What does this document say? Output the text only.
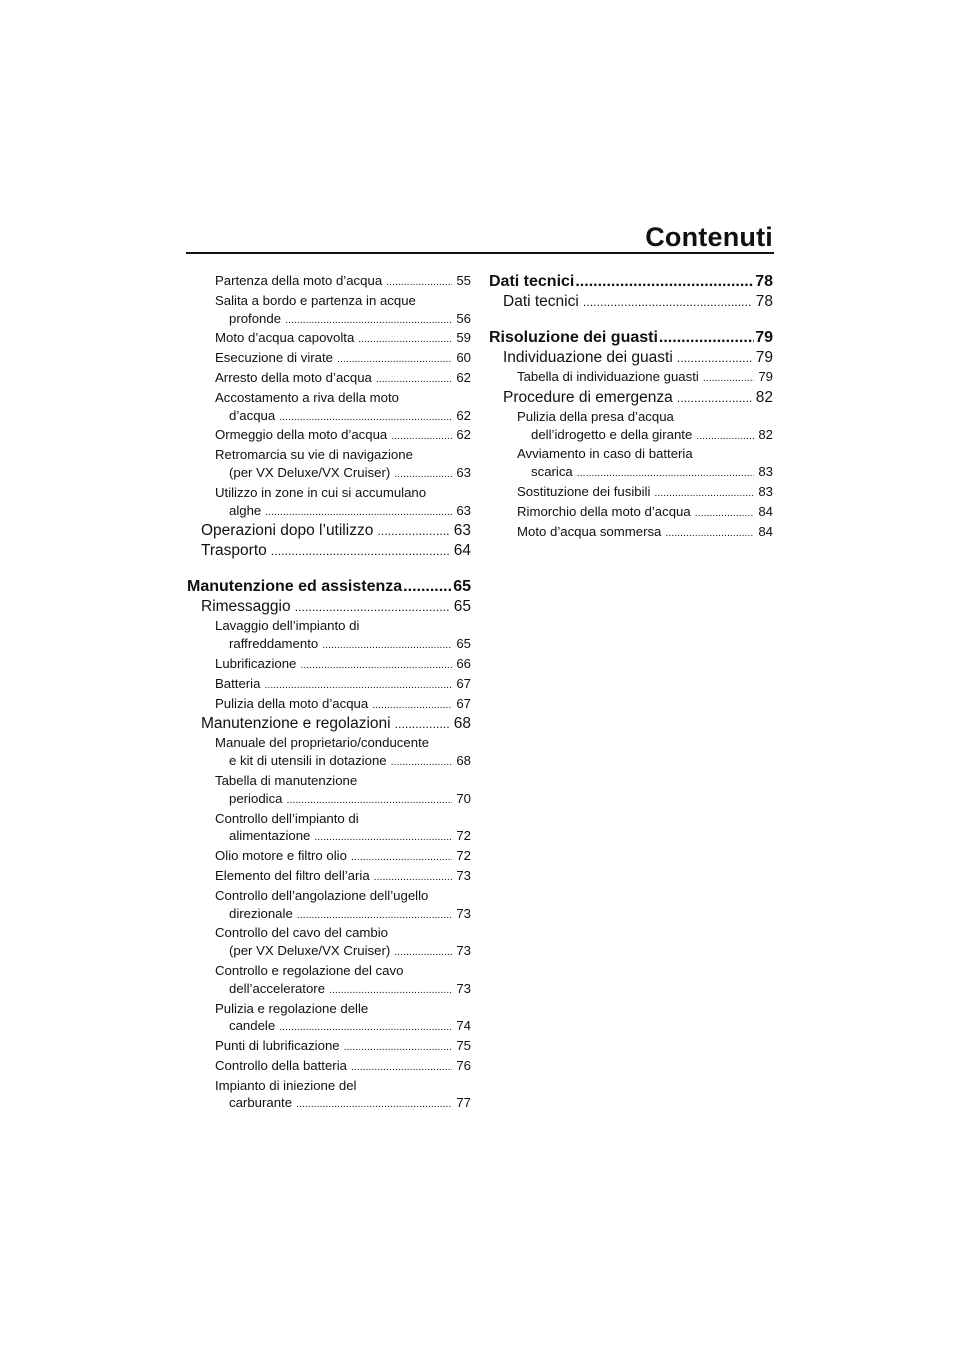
Contenuti
Partenza della moto d’acqua .....	55
Salita a bordo e partenza in acque
profonde .....	56
Moto d’acqua capovolta .....	59
Esecuzione di virate .....	60
Arresto della moto d’acqua .....	62
Accostamento a riva della moto
d’acqua .....	62
Ormeggio della moto d’acqua .....	62
Retromarcia su vie di navigazione
(per VX Deluxe/VX Cruiser) .....	63
Utilizzo in zone in cui si accumulano
alghe .....	63
Operazioni dopo l’utilizzo .....	63
Trasporto .....	64
Manutenzione ed assistenza .....	65
Rimessaggio .....	65
Lavaggio dell’impianto di
raffreddamento .....	65
Lubrificazione .....	66
Batteria .....	67
Pulizia della moto d’acqua .....	67
Manutenzione e regolazioni .....	68
Manuale del proprietario/conducente
e kit di utensili in dotazione .....	68
Tabella di manutenzione
periodica .....	70
Controllo dell’impianto di
alimentazione .....	72
Olio motore e filtro olio .....	72
Elemento del filtro dell’aria .....	73
Controllo dell’angolazione dell’ugello
direzionale .....	73
Controllo del cavo del cambio
(per VX Deluxe/VX Cruiser) .....	73
Controllo e regolazione del cavo
dell’acceleratore .....	73
Pulizia e regolazione delle
candele .....	74
Punti di lubrificazione .....	75
Controllo della batteria .....	76
Impianto di iniezione del
carburante .....	77
Dati tecnici .....	78
Dati tecnici .....	78
Risoluzione dei guasti .....	79
Individuazione dei guasti .....	79
Tabella di individuazione guasti .....	79
Procedure di emergenza .....	82
Pulizia della presa d’acqua
dell’idrogetto e della girante .....	82
Avviamento in caso di batteria
scarica .....	83
Sostituzione dei fusibili .....	83
Rimorchio della moto d’acqua .....	84
Moto d’acqua sommersa .....	84
